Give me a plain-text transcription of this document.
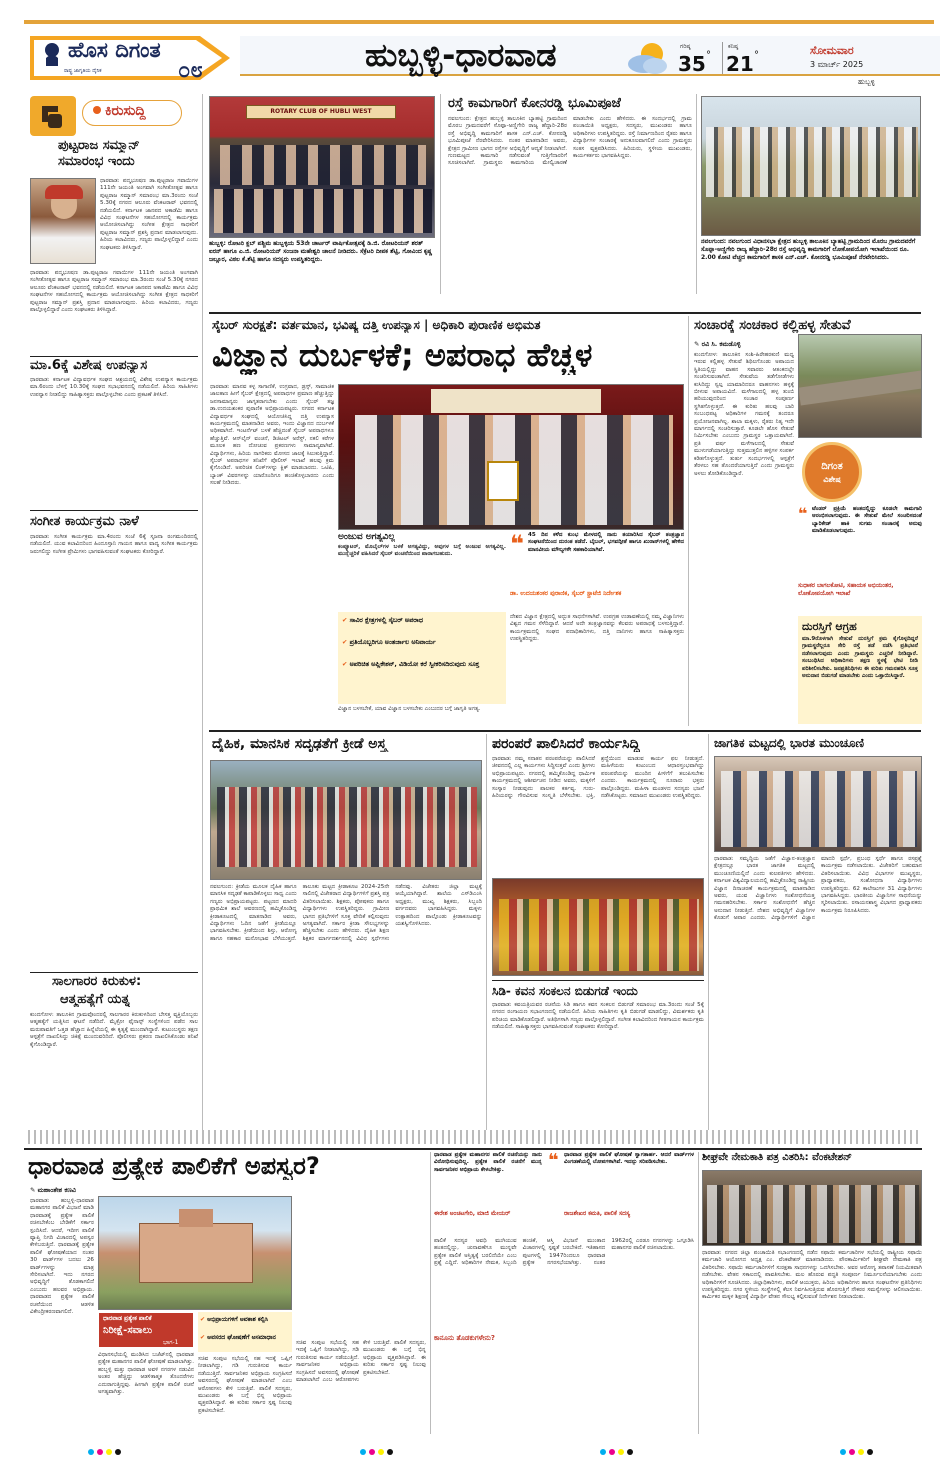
ಹೊಸ ದಿಗಂತ
ರಾಷ್ಟ್ರ ಜಾಗೃತಿಯ ದೈನಿಕ	೦೮	ಹುಬ್ಬಳ್ಳಿ-ಧಾರವಾಡ	ಗರಿಷ್ಠ
35 °
ಕನಿಷ್ಠ
21 °	ಸೋಮವಾರ
3 ಮಾರ್ಚ್ 2025
ಹುಬ್ಬಳ್ಳಿ
ಕಿರುಸುದ್ದಿ
ಪುಟ್ಟರಾಜ ಸಮ್ಮಾನ್
ಸಮಾರಂಭ ಇಂದು
ಧಾರವಾಡ: ಪದ್ಮಭೂಷಣ ಡಾ.ಪುಟ್ಟರಾಜ ಗವಾಯಿಗಳ 111ನೇ ಜಯಂತಿ ಅಂಗವಾಗಿ ಸಂಗೀತೋತ್ಸವ ಹಾಗೂ ಪುಟ್ಟರಾಜ ಸಮ್ಮಾನ್ ಸಮಾರಂಭ ಮಾ.3ರಂದು ಸಂಜೆ 5.30ಕ್ಕೆ ನಗರದ ಆಲೂರು ವೆಂಕಟರಾವ್ ಭವನದಲ್ಲಿ ನಡೆಯಲಿದೆ. ಕರ್ನಾಟಕ ಜಾನಪದ ಅಕಾಡೆಮಿ ಹಾಗೂ ವಿವಿಧ ಸಂಘಟನೆಗಳ ಸಹಯೋಗದಲ್ಲಿ ಕಾರ್ಯಕ್ರಮ ಆಯೋಜಿಸಲಾಗಿದ್ದು ಸಂಗೀತ ಕ್ಷೇತ್ರದ ಸಾಧಕರಿಗೆ ಪುಟ್ಟರಾಜ ಸಮ್ಮಾನ್ ಪ್ರಶಸ್ತಿ ಪ್ರದಾನ ಮಾಡಲಾಗುವುದು. ಹಿರಿಯ ಕಲಾವಿದರು, ಗಣ್ಯರು ಪಾಲ್ಗೊಳ್ಳಲಿದ್ದಾರೆ ಎಂದು ಸಂಘಟಕರು ತಿಳಿಸಿದ್ದಾರೆ.
ಧಾರವಾಡ: ಪದ್ಮಭೂಷಣ ಡಾ.ಪುಟ್ಟರಾಜ ಗವಾಯಿಗಳ 111ನೇ ಜಯಂತಿ ಅಂಗವಾಗಿ ಸಂಗೀತೋತ್ಸವ ಹಾಗೂ ಪುಟ್ಟರಾಜ ಸಮ್ಮಾನ್ ಸಮಾರಂಭ ಮಾ.3ರಂದು ಸಂಜೆ 5.30ಕ್ಕೆ ನಗರದ ಆಲೂರು ವೆಂಕಟರಾವ್ ಭವನದಲ್ಲಿ ನಡೆಯಲಿದೆ. ಕರ್ನಾಟಕ ಜಾನಪದ ಅಕಾಡೆಮಿ ಹಾಗೂ ವಿವಿಧ ಸಂಘಟನೆಗಳ ಸಹಯೋಗದಲ್ಲಿ ಕಾರ್ಯಕ್ರಮ ಆಯೋಜಿಸಲಾಗಿದ್ದು ಸಂಗೀತ ಕ್ಷೇತ್ರದ ಸಾಧಕರಿಗೆ ಪುಟ್ಟರಾಜ ಸಮ್ಮಾನ್ ಪ್ರಶಸ್ತಿ ಪ್ರದಾನ ಮಾಡಲಾಗುವುದು. ಹಿರಿಯ ಕಲಾವಿದರು, ಗಣ್ಯರು ಪಾಲ್ಗೊಳ್ಳಲಿದ್ದಾರೆ ಎಂದು ಸಂಘಟಕರು ತಿಳಿಸಿದ್ದಾರೆ.
ಮಾ.6ಕ್ಕೆ ವಿಶೇಷ ಉಪನ್ಯಾಸ
ಧಾರವಾಡ: ಕರ್ನಾಟಕ ವಿದ್ಯಾವರ್ಧಕ ಸಂಘದ ಆಶ್ರಯದಲ್ಲಿ ವಿಶೇಷ ಉಪನ್ಯಾಸ ಕಾರ್ಯಕ್ರಮ ಮಾ.6ರಂದು ಬೆಳಗ್ಗೆ 10.30ಕ್ಕೆ ಸಂಘದ ಸಭಾಭವನದಲ್ಲಿ ನಡೆಯಲಿದೆ. ಹಿರಿಯ ಸಾಹಿತಿಗಳು ಉಪನ್ಯಾಸ ನೀಡಲಿದ್ದು ಸಾಹಿತ್ಯಾಸಕ್ತರು ಪಾಲ್ಗೊಳ್ಳಬೇಕು ಎಂದು ಪ್ರಕಟಣೆ ತಿಳಿಸಿದೆ.
ಸಂಗೀತ ಕಾರ್ಯಕ್ರಮ ನಾಳೆ
ಧಾರವಾಡ: ಸಂಗೀತ ಕಾರ್ಯಕ್ರಮ ಮಾ.4ರಂದು ಸಂಜೆ 6ಕ್ಕೆ ಸೃಜನಾ ರಂಗಮಂದಿರದಲ್ಲಿ ನಡೆಯಲಿದೆ. ಯುವ ಕಲಾವಿದರಿಂದ ಹಿಂದೂಸ್ತಾನಿ ಗಾಯನ ಹಾಗೂ ವಾದ್ಯ ಸಂಗೀತ ಕಾರ್ಯಕ್ರಮ ಜರುಗಲಿದ್ದು ಸಂಗೀತ ಪ್ರೇಮಿಗಳು ಭಾಗವಹಿಸುವಂತೆ ಸಂಘಟಕರು ಕೋರಿದ್ದಾರೆ.
ಸಾಲಗಾರರ ಕಿರುಕುಳ:
ಆತ್ಮಹತ್ಯೆಗೆ ಯತ್ನ
ಕುಂದಗೋಳ: ತಾಲೂಕಿನ ಗ್ರಾಮವೊಂದರಲ್ಲಿ ಸಾಲಗಾರರ ಕಿರುಕುಳದಿಂದ ಬೇಸತ್ತ ವ್ಯಕ್ತಿಯೊಬ್ಬರು ಆತ್ಮಹತ್ಯೆಗೆ ಯತ್ನಿಸಿದ ಘಟನೆ ನಡೆದಿದೆ. ಮೈಕ್ರೋ ಫೈನಾನ್ಸ್ ಸಂಸ್ಥೆಗಳಿಂದ ಪಡೆದ ಸಾಲ ಮರುಪಾವತಿಗೆ ಒತ್ತಡ ಹೆಚ್ಚಾದ ಹಿನ್ನೆಲೆಯಲ್ಲಿ ಈ ಕೃತ್ಯಕ್ಕೆ ಮುಂದಾಗಿದ್ದಾರೆ. ಕುಟುಂಬಸ್ಥರು ತಕ್ಷಣ ಆಸ್ಪತ್ರೆಗೆ ದಾಖಲಿಸಿದ್ದು ಚಿಕಿತ್ಸೆ ಮುಂದುವರಿದಿದೆ. ಪೊಲೀಸರು ಪ್ರಕರಣ ದಾಖಲಿಸಿಕೊಂಡು ತನಿಖೆ ಕೈಗೊಂಡಿದ್ದಾರೆ.
ROTARY CLUB OF HUBLI WEST
ಹುಬ್ಬಳ್ಳಿ: ರೋಟರಿ ಕ್ಲಬ್ ಪಶ್ಚಿಮ ಹುಬ್ಬಳ್ಳಿಯ 53ನೇ ಚಾರ್ಟರ್ ವಾರ್ಷಿಕೋತ್ಸವಕ್ಕೆ ಡಿ.ಜಿ. ರೋಟರಿಯನ್ ಶರತ್ ಐರನ್ ಹಾಗೂ ಎ.ಜಿ. ರೋಟರಿಯನ್ ಸಂಜನಾ ಮಹೇಶ್ವರಿ ಚಾಲನೆ ನೀಡಿದರು. ಸೆಕ್ರೆಟರಿ ದೀಪಕ ಶೆಟ್ಟಿ, ಗೋವಿಂದ ಕೃಷ್ಣ ಜಲ್ಲೂರ, ವಿಠಲ ಕೆ.ಶೆಟ್ಟಿ ಹಾಗೂ ಸದಸ್ಯರು ಉಪಸ್ಥಿತರಿದ್ದರು.
ರಸ್ತೆ ಕಾಮಗಾರಿಗೆ ಕೋನರಡ್ಡಿ ಭೂಮಿಪೂಜೆ
ನವಲಗುಂದ: ಕ್ಷೇತ್ರದ ಹುಬ್ಬಳ್ಳಿ ತಾಲೂಕಿನ ಬ್ಯಾಹಟ್ಟಿ ಗ್ರಾಮದಿಂದ ಮೊರಬ ಗ್ರಾಮದವರೆಗೆ ಸೊಪ್ಪಾ-ಅಣ್ಣಿಗೇರಿ ರಾಜ್ಯ ಹೆದ್ದಾರಿ-28ರ ರಸ್ತೆ ಅಭಿವೃದ್ಧಿ ಕಾಮಗಾರಿಗೆ ಶಾಸಕ ಎನ್.ಎಚ್. ಕೋನರಡ್ಡಿ ಭೂಮಿಪೂಜೆ ನೆರವೇರಿಸಿದರು. ನಂತರ ಮಾತನಾಡಿದ ಅವರು, ಕ್ಷೇತ್ರದ ಗ್ರಾಮೀಣ ಭಾಗದ ರಸ್ತೆಗಳ ಅಭಿವೃದ್ಧಿಗೆ ಆದ್ಯತೆ ನೀಡಲಾಗಿದೆ. ಗುಣಮಟ್ಟದ ಕಾಮಗಾರಿ ನಡೆಸುವಂತೆ ಗುತ್ತಿಗೆದಾರರಿಗೆ ಸೂಚಿಸಲಾಗಿದೆ. ಗ್ರಾಮಸ್ಥರು ಕಾಮಗಾರಿಯ ಮೇಲ್ವಿಚಾರಣೆ ಮಾಡಬೇಕು ಎಂದು ಹೇಳಿದರು. ಈ ಸಂದರ್ಭದಲ್ಲಿ ಗ್ರಾಮ ಪಂಚಾಯಿತಿ ಅಧ್ಯಕ್ಷರು, ಸದಸ್ಯರು, ಮುಖಂಡರು ಹಾಗೂ ಅಧಿಕಾರಿಗಳು ಉಪಸ್ಥಿತರಿದ್ದರು. ರಸ್ತೆ ನಿರ್ಮಾಣದಿಂದ ರೈತರು ಹಾಗೂ ವಿದ್ಯಾರ್ಥಿಗಳ ಸಂಚಾರಕ್ಕೆ ಅನುಕೂಲವಾಗಲಿದೆ ಎಂದು ಗ್ರಾಮಸ್ಥರು ಸಂತಸ ವ್ಯಕ್ತಪಡಿಸಿದರು. ಹಿರಿಯರು, ಸ್ಥಳೀಯ ಮುಖಂಡರು, ಕಾರ್ಯಕರ್ತರು ಭಾಗವಹಿಸಿದ್ದರು.
ನವಲಗುಂದ: ನವಲಗುಂದ ವಿಧಾನಸಭಾ ಕ್ಷೇತ್ರದ ಹುಬ್ಬಳ್ಳಿ ತಾಲೂಕಿನ ಬ್ಯಾಹಟ್ಟಿ ಗ್ರಾಮದಿಂದ ಮೊರಬ ಗ್ರಾಮದವರೆಗೆ ಸೊಪ್ಪಾ-ಅಣ್ಣಿಗೇರಿ ರಾಜ್ಯ ಹೆದ್ದಾರಿ-28ರ ರಸ್ತೆ ಅಭಿವೃದ್ಧಿ ಕಾಮಗಾರಿಗೆ ಲೋಕೋಪಯೋಗಿ ಇಲಾಖೆಯಿಂದ ರೂ. 2.00 ಕೋಟಿ ವೆಚ್ಚದ ಕಾಮಗಾರಿಗೆ ಶಾಸಕ ಎನ್.ಎಚ್. ಕೋನರಡ್ಡಿ ಭೂಮಿಪೂಜೆ ನೆರವೇರಿಸಿದರು.
ಸೈಬರ್ ಸುರಕ್ಷತೆ: ವರ್ತಮಾನ, ಭವಿಷ್ಯ ದತ್ತಿ ಉಪನ್ಯಾಸ | ಅಧಿಕಾರಿ ಪುರಾಣಿಕ ಅಭಿಮತ
ವಿಜ್ಞಾನ ದುರ್ಬಳಕೆ; ಅಪರಾಧ ಹೆಚ್ಚಳ
ಧಾರವಾಡ: ಮಾನವ ಕಳ್ಳ ಸಾಗಾಣಿಕೆ, ಉಗ್ರವಾದ, ಡ್ರಗ್ಸ್, ಸಾಮಾಜಿಕ ಜಾಲತಾಣ ಹೀಗೆ ಸೈಬರ್ ಕ್ಷೇತ್ರದಲ್ಲಿ ಅಪರಾಧಗಳ ಪ್ರಮಾಣ ಹೆಚ್ಚುತ್ತಿದ್ದು ಜನಸಾಮಾನ್ಯರು ಜಾಗೃತರಾಗಬೇಕು ಎಂದು ಸೈಬರ್ ತಜ್ಞ ಡಾ.ಉದಯಶಂಕರ ಪುರಾಣಿಕ ಅಭಿಪ್ರಾಯಪಟ್ಟರು. ನಗರದ ಕರ್ನಾಟಕ ವಿದ್ಯಾವರ್ಧಕ ಸಂಘದಲ್ಲಿ ಆಯೋಜಿಸಿದ್ದ ದತ್ತಿ ಉಪನ್ಯಾಸ ಕಾರ್ಯಕ್ರಮದಲ್ಲಿ ಮಾತನಾಡಿದ ಅವರು, ಇಂದು ವಿಜ್ಞಾನದ ದುರ್ಬಳಕೆ ಅಧಿಕವಾಗಿದೆ. ಇಂಟರ್ನೆಟ್ ಬಳಕೆ ಹೆಚ್ಚಿದಂತೆ ಸೈಬರ್ ಅಪರಾಧಗಳೂ ಹೆಚ್ಚುತ್ತಿವೆ. ಆನ್‌ಲೈನ್ ವಂಚನೆ, ಡಿಜಿಟಲ್ ಅರೆಸ್ಟ್, ನಕಲಿ ಕರೆಗಳ ಮೂಲಕ ಹಣ ದೋಚುವ ಪ್ರಕರಣಗಳು ಸಾಮಾನ್ಯವಾಗಿವೆ. ವಿದ್ಯಾರ್ಥಿಗಳು, ಹಿರಿಯ ನಾಗರಿಕರು ಮೋಸದ ಜಾಲಕ್ಕೆ ಸಿಲುಕುತ್ತಿದ್ದಾರೆ. ಸೈಬರ್ ಅಪರಾಧಗಳ ತನಿಖೆಗೆ ಪೊಲೀಸ್ ಇಲಾಖೆ ಹಲವು ಕ್ರಮ ಕೈಗೊಂಡಿದೆ. ಅಪರಿಚಿತ ಲಿಂಕ್‌ಗಳನ್ನು ಕ್ಲಿಕ್ ಮಾಡಬಾರದು. ಒಟಿಪಿ, ಬ್ಯಾಂಕ್ ವಿವರಗಳನ್ನು ಯಾರೊಂದಿಗೂ ಹಂಚಿಕೊಳ್ಳಬಾರದು ಎಂದು ಸಲಹೆ ನೀಡಿದರು.
ಅಂಜುವ ಅಗತ್ಯವಿಲ್ಲ
ಕಂಪ್ಯೂಟರ್, ಮೊಬೈಲ್‌ಗಳ ಬಳಕೆ ಅಗತ್ಯವಿದ್ದು, ಅವುಗಳ ಬಗ್ಗೆ ಅಂಜುವ ಅಗತ್ಯವಿಲ್ಲ. ಮುನ್ನೆಚ್ಚರಿಕೆ ವಹಿಸಿದರೆ ಸೈಬರ್ ವಂಚನೆಯಿಂದ ಪಾರಾಗಬಹುದು.	❝ 45 ದಿನ ಕಳೆದ ಕುಂಭ ಮೇಳದಲ್ಲಿ ನಾನು ತಯಾರಿಸಿದ ಸೈಬರ್ ತಂತ್ರಜ್ಞಾನ ಸಂಘಟನೆಯಿಂದ ದುರಂತ ತಡೆದೆ. ಬೈಬಲ್, ಭಗವದ್ಗೀತೆ ಹಾಗೂ ಖುರಾನ್‌ಗಳಲ್ಲಿ ಹೇಳಿದ ಮಾನವೀಯ ಮೌಲ್ಯಗಳೇ ಸಹಕಾರಿಯಾಗಿವೆ.
ಡಾ. ಉದಯಶಂಕರ ಪುರಾಣಿಕ, ಸೈಬರ್ ಸ್ಟ್ರಾಟೆಜಿ ನಿರ್ದೇಶಕ
✔ ಸಾವಿರ ಕ್ಷೇತ್ರಗಳಲ್ಲಿ ಸೈಬರ್ ಅಪರಾಧ
✔ ಪ್ರತಿಯೊಬ್ಬರಿಗೂ ಅಂತರ್ಜಾಲ ಅನಿವಾರ್ಯ
✔ ಅಪರಿಚಿತ ಅಪ್ಲಿಕೇಶನ್, ವಿಡಿಯೋ ಕರೆ ಸ್ವೀಕರಿಸದಿರುವುದು ಸೂಕ್ತ
ದೇಶದ ವಿಜ್ಞಾನ ಕ್ಷೇತ್ರದಲ್ಲಿ ಅದ್ಭುತ ಸಾಧನೆಗಳಾಗಿವೆ. ಉಪಗ್ರಹ ಉಡಾವಣೆಯಲ್ಲಿ ನಮ್ಮ ವಿಜ್ಞಾನಿಗಳು ವಿಶ್ವದ ಗಮನ ಸೆಳೆದಿದ್ದಾರೆ. ಆದರೆ ಅದೇ ತಂತ್ರಜ್ಞಾನವನ್ನು ಕೆಲವರು ಅಪರಾಧಕ್ಕೆ ಬಳಸುತ್ತಿದ್ದಾರೆ. ಕಾರ್ಯಕ್ರಮದಲ್ಲಿ ಸಂಘದ ಪದಾಧಿಕಾರಿಗಳು, ದತ್ತಿ ದಾನಿಗಳು ಹಾಗೂ ಸಾಹಿತ್ಯಾಸಕ್ತರು ಉಪಸ್ಥಿತರಿದ್ದರು.
ವಿಜ್ಞಾನ ಬಳಸಬೇಕೆ, ಯಾವ ವಿಜ್ಞಾನ ಬಳಸಬೇಕು ಎಂಬುದರ ಬಗ್ಗೆ ಜಾಗೃತಿ ಅಗತ್ಯ.
ಸಂಚಾರಕ್ಕೆ ಸಂಚಕಾರ ಕಲ್ಲಿಹಳ್ಳ ಸೇತುವೆ
✎ ರವಿ ಸಿ. ಕಮಡೊಳ್ಳಿ
ಕುಂದಗೋಳ: ತಾಲೂಕಿನ ಸಂಶಿ-ಹಿರೇಹರಕುಣಿ ಮಧ್ಯ ಇರುವ ಕಲ್ಲಿಹಳ್ಳ ಸೇತುವೆ ಶಿಥಿಲಗೊಂಡು ಅಪಾಯದ ಸ್ಥಿತಿಯಲ್ಲಿದ್ದು ವಾಹನ ಸವಾರರು ಆತಂಕದಲ್ಲೇ ಸಂಚರಿಸುವಂತಾಗಿದೆ. ಸೇತುವೆಯ ತಡೆಗೋಡೆಗಳು ಕುಸಿದಿದ್ದು ಸ್ವಲ್ಪ ಯಾಮಾರಿದರೂ ವಾಹನಗಳು ಹಳ್ಳಕ್ಕೆ ಬೀಳುವ ಅಪಾಯವಿದೆ. ಮಳೆಗಾಲದಲ್ಲಿ ಹಳ್ಳ ತುಂಬಿ ಹರಿಯುವುದರಿಂದ ಸಂಚಾರ ಸಂಪೂರ್ಣ ಸ್ಥಗಿತಗೊಳ್ಳುತ್ತದೆ. ಈ ಕುರಿತು ಹಲವು ಬಾರಿ ಸಂಬಂಧಪಟ್ಟ ಅಧಿಕಾರಿಗಳ ಗಮನಕ್ಕೆ ತಂದರೂ ಪ್ರಯೋಜನವಾಗಿಲ್ಲ. ಶಾಲಾ ಮಕ್ಕಳು, ರೈತರು ನಿತ್ಯ ಇದೇ ಮಾರ್ಗದಲ್ಲಿ ಸಂಚರಿಸುತ್ತಾರೆ. ಕೂಡಲೇ ಹೊಸ ಸೇತುವೆ ನಿರ್ಮಿಸಬೇಕು ಎಂಬುದು ಗ್ರಾಮಸ್ಥರ ಒತ್ತಾಯವಾಗಿದೆ. ಪ್ರತಿ ವರ್ಷ ಮಳೆಗಾಲದಲ್ಲಿ ಸೇತುವೆ ಮುಳುಗಡೆಯಾಗುತ್ತಿದ್ದು ಸುತ್ತಮುತ್ತಲಿನ ಹಳ್ಳಿಗಳ ಸಂಪರ್ಕ ಕಡಿತಗೊಳ್ಳುತ್ತದೆ. ತುರ್ತು ಸಂದರ್ಭಗಳಲ್ಲಿ ಆಸ್ಪತ್ರೆಗೆ ತೆರಳಲು ಸಹ ತೊಂದರೆಯಾಗುತ್ತಿದೆ ಎಂದು ಗ್ರಾಮಸ್ಥರು ಅಳಲು ತೋಡಿಕೊಂಡಿದ್ದಾರೆ.
ದಿಗಂತ
ವಿಶೇಷ
❝ ಟೆಂಡರ್ ಪ್ರಕ್ರಿಯೆ ಹಂತದಲ್ಲಿದ್ದು ಕೂಡಲೇ ಕಾಮಗಾರಿ ಆರಂಭಿಸಲಾಗುವುದು. ಈ ಸೇತುವೆ ಮೇಲೆ ಸಂಚರಿಸದಂತೆ ಬ್ಯಾರಿಕೇಡ್ ಹಾಕಿ ಸುಗಮ ಸಂಚಾರಕ್ಕೆ ಅನುವು ಮಾಡಿಕೊಡಲಾಗುವುದು.
ಸುಧಾಕರ ಬಾಗಲಕೋಟಿ, ಸಹಾಯಕ ಅಭಿಯಂತರ, ಲೋಕೋಪಯೋಗಿ ಇಲಾಖೆ
ದುರಸ್ತಿಗೆ ಆಗ್ರಹ
ಮಾ.9ರೊಳಗಾಗಿ ಸೇತುವೆ ದುರಸ್ತಿಗೆ ಕ್ರಮ ಕೈಗೊಳ್ಳದಿದ್ದರೆ ಗ್ರಾಮಸ್ಥರೆಲ್ಲರೂ ಸೇರಿ ರಸ್ತೆ ತಡೆ ನಡೆಸಿ ಪ್ರತಿಭಟನೆ ನಡೆಸಲಾಗುವುದು ಎಂದು ಗ್ರಾಮಸ್ಥರು ಎಚ್ಚರಿಕೆ ನೀಡಿದ್ದಾರೆ. ಸಂಬಂಧಿಸಿದ ಅಧಿಕಾರಿಗಳು ತಕ್ಷಣ ಸ್ಥಳಕ್ಕೆ ಭೇಟಿ ನೀಡಿ ಪರಿಶೀಲಿಸಬೇಕು. ಜನಪ್ರತಿನಿಧಿಗಳು ಈ ಕುರಿತು ಗಮನಹರಿಸಿ ಸೂಕ್ತ ಅನುದಾನ ಬಿಡುಗಡೆ ಮಾಡಬೇಕು ಎಂದು ಒತ್ತಾಯಿಸಿದ್ದಾರೆ.
ದೈಹಿಕ, ಮಾನಸಿಕ ಸದೃಢತೆಗೆ ಕ್ರೀಡೆ ಅಸ್ತ್ರ
ನವಲಗುಂದ: ಕ್ರೀಡೆಯ ಮೂಲಕ ದೈಹಿಕ ಹಾಗೂ ಮಾನಸಿಕ ಸದೃಢತೆ ಕಾಪಾಡಿಕೊಳ್ಳಲು ಸಾಧ್ಯ ಎಂದು ಗಣ್ಯರು ಅಭಿಪ್ರಾಯಪಟ್ಟರು. ಪಟ್ಟಣದ ಮಾದರಿ ಪ್ರಾಥಮಿಕ ಶಾಲೆ ಆವರಣದಲ್ಲಿ ಹಮ್ಮಿಕೊಂಡಿದ್ದ ಕ್ರೀಡಾಕೂಟದಲ್ಲಿ ಮಾತನಾಡಿದ ಅವರು, ವಿದ್ಯಾರ್ಥಿಗಳು ಓದಿನ ಜತೆಗೆ ಕ್ರೀಡೆಯಲ್ಲೂ ಭಾಗವಹಿಸಬೇಕು. ಕ್ರೀಡೆಯಿಂದ ಶಿಸ್ತು, ಆರೋಗ್ಯ ಹಾಗೂ ಸಹಕಾರ ಮನೋಭಾವ ಬೆಳೆಯುತ್ತದೆ. ತಾಲೂಕು ಮಟ್ಟದ ಕ್ರೀಡಾಕೂಟ 2024-25ನೇ ಸಾಲಿನಲ್ಲಿ ವಿಜೇತರಾದ ವಿದ್ಯಾರ್ಥಿಗಳಿಗೆ ಪ್ರಶಸ್ತಿ ಪತ್ರ ವಿತರಿಸಲಾಯಿತು. ಶಿಕ್ಷಕರು, ಪೋಷಕರು ಹಾಗೂ ವಿದ್ಯಾರ್ಥಿಗಳು ಉಪಸ್ಥಿತರಿದ್ದರು. ಗ್ರಾಮೀಣ ಭಾಗದ ಪ್ರತಿಭೆಗಳಿಗೆ ಸೂಕ್ತ ವೇದಿಕೆ ಕಲ್ಪಿಸುವುದು ಅಗತ್ಯವಾಗಿದೆ. ಸರ್ಕಾರ ಕ್ರೀಡಾ ಸೌಲಭ್ಯಗಳನ್ನು ಹೆಚ್ಚಿಸಬೇಕು ಎಂದು ಹೇಳಿದರು. ದೈಹಿಕ ಶಿಕ್ಷಣ ಶಿಕ್ಷಕರ ಮಾರ್ಗದರ್ಶನದಲ್ಲಿ ವಿವಿಧ ಸ್ಪರ್ಧೆಗಳು ನಡೆದವು. ವಿಜೇತರು ಜಿಲ್ಲಾ ಮಟ್ಟಕ್ಕೆ ಆಯ್ಕೆಯಾಗಿದ್ದಾರೆ. ಶಾಲೆಯ ಎಸ್‌ಡಿಎಂಸಿ ಅಧ್ಯಕ್ಷರು, ಮುಖ್ಯ ಶಿಕ್ಷಕರು, ಸಿಬ್ಬಂದಿ ವರ್ಗದವರು ಭಾಗವಹಿಸಿದ್ದರು. ಮಕ್ಕಳು ಉತ್ಸಾಹದಿಂದ ಪಾಲ್ಗೊಂಡು ಕ್ರೀಡಾಕೂಟವನ್ನು ಯಶಸ್ವಿಗೊಳಿಸಿದರು.
ಪರಂಪರೆ ಪಾಲಿಸಿದರೆ ಕಾರ್ಯಸಿದ್ಧಿ
ಧಾರವಾಡ: ನಮ್ಮ ಸನಾತನ ಪರಂಪರೆಯನ್ನು ಪಾಲಿಸಿದರೆ ಜೀವನದಲ್ಲಿ ಎಲ್ಲ ಕಾರ್ಯಗಳು ಸಿದ್ಧಿಸುತ್ತವೆ ಎಂದು ಶ್ರೀಗಳು ಅಭಿಪ್ರಾಯಪಟ್ಟರು. ನಗರದಲ್ಲಿ ಹಮ್ಮಿಕೊಂಡಿದ್ದ ಧಾರ್ಮಿಕ ಕಾರ್ಯಕ್ರಮದಲ್ಲಿ ಆಶೀರ್ವಚನ ನೀಡಿದ ಅವರು, ಮಕ್ಕಳಿಗೆ ಸಂಸ್ಕಾರ ನೀಡುವುದು ಪಾಲಕರ ಕರ್ತವ್ಯ. ಗುರು-ಹಿರಿಯರನ್ನು ಗೌರವಿಸುವ ಸಂಸ್ಕೃತಿ ಬೆಳೆಸಬೇಕು. ಭಕ್ತಿ, ಶ್ರದ್ಧೆಯಿಂದ ಮಾಡುವ ಕಾರ್ಯ ಫಲ ನೀಡುತ್ತದೆ. ಮಹಿಳೆಯರು ಕುಟುಂಬದ ಆಧಾರಸ್ತಂಭವಾಗಿದ್ದು ಪರಂಪರೆಯನ್ನು ಮುಂದಿನ ಪೀಳಿಗೆಗೆ ತಲುಪಿಸಬೇಕು ಎಂದರು. ಕಾರ್ಯಕ್ರಮದಲ್ಲಿ ನೂರಾರು ಭಕ್ತರು ಪಾಲ್ಗೊಂಡಿದ್ದರು. ಮಹಿಳಾ ಮಂಡಳದ ಸದಸ್ಯರು ಭಜನೆ ನಡೆಸಿಕೊಟ್ಟರು. ಸಮಾಜದ ಮುಖಂಡರು ಉಪಸ್ಥಿತರಿದ್ದರು.
ಸಿಡಿ- ಕವನ ಸಂಕಲನ ಬಿಡುಗಡೆ ಇಂದು
ಧಾರವಾಡ: ಕವಯತ್ರಿಯವರ ರಚನೆಯ ಸಿಡಿ ಹಾಗೂ ಕವನ ಸಂಕಲನ ಬಿಡುಗಡೆ ಸಮಾರಂಭ ಮಾ.3ರಂದು ಸಂಜೆ 5ಕ್ಕೆ ನಗರದ ರಂಗಾಯಣ ಸಭಾಂಗಣದಲ್ಲಿ ನಡೆಯಲಿದೆ. ಹಿರಿಯ ಸಾಹಿತಿಗಳು ಕೃತಿ ಬಿಡುಗಡೆ ಮಾಡಲಿದ್ದು, ವಿಮರ್ಶಕರು ಕೃತಿ ಪರಿಚಯ ಮಾಡಿಕೊಡಲಿದ್ದಾರೆ. ಅತಿಥಿಗಳಾಗಿ ಗಣ್ಯರು ಪಾಲ್ಗೊಳ್ಳಲಿದ್ದಾರೆ. ಸಂಗೀತ ಕಲಾವಿದರಿಂದ ಗೀತಗಾಯನ ಕಾರ್ಯಕ್ರಮ ನಡೆಯಲಿದೆ. ಸಾಹಿತ್ಯಾಸಕ್ತರು ಭಾಗವಹಿಸುವಂತೆ ಸಂಘಟಕರು ಕೋರಿದ್ದಾರೆ.
ಜಾಗತಿಕ ಮಟ್ಟದಲ್ಲಿ ಭಾರತ ಮುಂಚೂಣಿ
ಧಾರವಾಡ: ಸಮೃದ್ಧಿಯ ಜತೆಗೆ ವಿಜ್ಞಾನ-ತಂತ್ರಜ್ಞಾನ ಕ್ಷೇತ್ರದಲ್ಲೂ ಭಾರತ ಜಾಗತಿಕ ಮಟ್ಟದಲ್ಲಿ ಮುಂಚೂಣಿಯಲ್ಲಿದೆ ಎಂದು ಕುಲಪತಿಗಳು ಹೇಳಿದರು. ಕರ್ನಾಟಕ ವಿಶ್ವವಿದ್ಯಾಲಯದಲ್ಲಿ ಹಮ್ಮಿಕೊಂಡಿದ್ದ ರಾಷ್ಟ್ರೀಯ ವಿಜ್ಞಾನ ದಿನಾಚರಣೆ ಕಾರ್ಯಕ್ರಮದಲ್ಲಿ ಮಾತನಾಡಿದ ಅವರು, ಯುವ ವಿಜ್ಞಾನಿಗಳು ಸಂಶೋಧನೆಯತ್ತ ಗಮನಹರಿಸಬೇಕು. ಸರ್ಕಾರ ಸಂಶೋಧನೆಗೆ ಹೆಚ್ಚಿನ ಅನುದಾನ ನೀಡುತ್ತಿದೆ. ದೇಶದ ಅಭಿವೃದ್ಧಿಗೆ ವಿಜ್ಞಾನಿಗಳ ಕೊಡುಗೆ ಅಪಾರ ಎಂದರು. ವಿದ್ಯಾರ್ಥಿಗಳಿಗೆ ವಿಜ್ಞಾನ ಮಾದರಿ ಸ್ಪರ್ಧೆ, ಪ್ರಬಂಧ ಸ್ಪರ್ಧೆ ಹಾಗೂ ರಸಪ್ರಶ್ನೆ ಕಾರ್ಯಕ್ರಮ ನಡೆಸಲಾಯಿತು. ವಿಜೇತರಿಗೆ ಬಹುಮಾನ ವಿತರಿಸಲಾಯಿತು. ವಿವಿಧ ವಿಭಾಗಗಳ ಮುಖ್ಯಸ್ಥರು, ಪ್ರಾಧ್ಯಾಪಕರು, ಸಂಶೋಧನಾ ವಿದ್ಯಾರ್ಥಿಗಳು ಉಪಸ್ಥಿತರಿದ್ದರು. 62 ಕಾಲೇಜುಗಳ 31 ವಿದ್ಯಾರ್ಥಿಗಳು ಭಾಗವಹಿಸಿದ್ದರು. ಭಾರತೀಯ ವಿಜ್ಞಾನಿಗಳ ಸಾಧನೆಯನ್ನು ಸ್ಮರಿಸಲಾಯಿತು. ರಸಾಯನಶಾಸ್ತ್ರ ವಿಭಾಗದ ಪ್ರಾಧ್ಯಾಪಕರು ಕಾರ್ಯಕ್ರಮ ನಿರೂಪಿಸಿದರು.
ಧಾರವಾಡ ಪ್ರತ್ಯೇಕ ಪಾಲಿಕೆಗೆ ಅಪಸ್ವರ?
✎ ಮಹಾಂತೇಶ ಕಣವಿ
ಧಾರವಾಡ: ಹುಬ್ಬಳ್ಳಿ-ಧಾರವಾಡ ಮಹಾನಗರ ಪಾಲಿಕೆ ವಿಭಜನೆ ಮಾಡಿ ಧಾರವಾಡಕ್ಕೆ ಪ್ರತ್ಯೇಕ ಪಾಲಿಕೆ ರಚಿಸಬೇಕೆಂಬ ಬೇಡಿಕೆಗೆ ಸರ್ಕಾರ ಸ್ಪಂದಿಸಿದೆ. ಆದರೆ, ಇದೀಗ ಪಾಲಿಕೆ ವ್ಯಾಪ್ತಿ ನಿಗದಿ ವಿಚಾರದಲ್ಲಿ ಅಪಸ್ವರ ಕೇಳಿಬರುತ್ತಿದೆ. ಧಾರವಾಡಕ್ಕೆ ಪ್ರತ್ಯೇಕ ಪಾಲಿಕೆ ಘೋಷಣೆಯಾದ ನಂತರ 30 ವಾರ್ಡ್‌ಗಳ ಬದಲು 26 ವಾರ್ಡ್‌ಗಳನ್ನು ಮಾತ್ರ ಸೇರಿಸಲಾಗಿದೆ. ಇದು ನಗರದ ಅಭಿವೃದ್ಧಿಗೆ ತೊಡಕಾಗಲಿದೆ ಎಂಬುದು ಹಲವರ ಅಭಿಪ್ರಾಯ. ಧಾರವಾಡದ ಪ್ರತ್ಯೇಕ ಪಾಲಿಕೆ ರಚನೆಯಿಂದ ಆಡಳಿತ ವಿಕೇಂದ್ರೀಕರಣವಾಗಲಿದೆ.
ಧಾರವಾಡ ಪ್ರತ್ಯೇಕ ಪಾಲಿಕೆ
ನಿರೀಕ್ಷೆ-ಸವಾಲು
ಭಾಗ-1
ವಿಧಾನಸಭೆಯಲ್ಲಿ ಮಂಡಿಸಿದ ಬಜೆಟ್‌ನಲ್ಲಿ ಧಾರವಾಡ ಪ್ರತ್ಯೇಕ ಮಹಾನಗರ ಪಾಲಿಕೆ ಘೋಷಣೆ ಮಾಡಲಾಗಿತ್ತು. ಹುಬ್ಬಳ್ಳಿ ಮತ್ತು ಧಾರವಾಡ ಅವಳಿ ನಗರಗಳ ನಡುವಿನ ಅಂತರ ಹೆಚ್ಚಿದ್ದು ಆಡಳಿತಾತ್ಮಕ ತೊಂದರೆಗಳು ಎದುರಾಗುತ್ತಿದ್ದವು. ಹೀಗಾಗಿ ಪ್ರತ್ಯೇಕ ಪಾಲಿಕೆ ರಚನೆ ಅಗತ್ಯವಾಗಿತ್ತು.
✔ ಅಭಿಪ್ರಾಯಗಳಿಗೆ ಅವಕಾಶ ಕಲ್ಪಿಸಿ
✔ ಅವಸರದ ಘೋಷಣೆಗೆ ಅಸಮಾಧಾನ
ಸಚಿವ ಸಂಪುಟ ಸಭೆಯಲ್ಲಿ ಸಹ ಇದಕ್ಕೆ ಒಪ್ಪಿಗೆ ನೀಡಲಾಗಿದ್ದು, ಗಡಿ ಗುರುತಿಸುವ ಕಾರ್ಯ ನಡೆಯುತ್ತಿದೆ. ಸಾರ್ವಜನಿಕರ ಅಭಿಪ್ರಾಯ ಸಂಗ್ರಹಿಸದೆ ಅವಸರದಲ್ಲಿ ಘೋಷಣೆ ಮಾಡಲಾಗಿದೆ ಎಂಬ ಆರೋಪಗಳು ಕೇಳಿ ಬರುತ್ತಿವೆ. ಪಾಲಿಕೆ ಸದಸ್ಯರು, ಮುಖಂಡರು ಈ ಬಗ್ಗೆ ಭಿನ್ನ ಅಭಿಪ್ರಾಯ ವ್ಯಕ್ತಪಡಿಸಿದ್ದಾರೆ. ಈ ಕುರಿತು ಸರ್ಕಾರ ಸ್ಪಷ್ಟ ನಿಲುವು ಪ್ರಕಟಿಸಬೇಕಿದೆ.
ಸಚಿವ ಸಂಪುಟ ಸಭೆಯಲ್ಲಿ ಸಹ ಇದಕ್ಕೆ ಒಪ್ಪಿಗೆ ನೀಡಲಾಗಿದ್ದು, ಗಡಿ ಗುರುತಿಸುವ ಕಾರ್ಯ ನಡೆಯುತ್ತಿದೆ. ಸಾರ್ವಜನಿಕರ ಅಭಿಪ್ರಾಯ ಸಂಗ್ರಹಿಸದೆ ಅವಸರದಲ್ಲಿ ಘೋಷಣೆ ಮಾಡಲಾಗಿದೆ ಎಂಬ ಆರೋಪಗಳು ಕೇಳಿ ಬರುತ್ತಿವೆ. ಪಾಲಿಕೆ ಸದಸ್ಯರು, ಮುಖಂಡರು ಈ ಬಗ್ಗೆ ಭಿನ್ನ ಅಭಿಪ್ರಾಯ ವ್ಯಕ್ತಪಡಿಸಿದ್ದಾರೆ. ಈ ಕುರಿತು ಸರ್ಕಾರ ಸ್ಪಷ್ಟ ನಿಲುವು ಪ್ರಕಟಿಸಬೇಕಿದೆ.
ಧಾರವಾಡ ಪ್ರತ್ಯೇಕ ಮಹಾನಗರ ಪಾಲಿಕೆ ರಚನೆಯನ್ನು ನಾನು ವಿರೋಧಿಸುವುದಿಲ್ಲ. ಪ್ರತ್ಯೇಕ ಪಾಲಿಕೆ ರಚನೆಗೆ ಮುನ್ನ ಸಾರ್ವಜನಿಕರ ಅಭಿಪ್ರಾಯ ಕೇಳಬೇಕಿತ್ತು.
ಈರೇಶ ಅಂಚಟಗೇರಿ, ಮಾಜಿ ಮೇಯರ್
❝ ಧಾರವಾಡ ಪ್ರತ್ಯೇಕ ಪಾಲಿಕೆ ಘೋಷಣೆ ಸ್ವಾಗತಾರ್ಹ. ಆದರೆ ವಾರ್ಡ್‌ಗಳ ವಿಂಗಡಣೆಯಲ್ಲಿ ಲೋಪಗಳಾಗಿವೆ. ಇದನ್ನು ಸರಿಪಡಿಸಬೇಕು.
ರಾಜಶೇಖರ ಕಮತಿ, ಪಾಲಿಕೆ ಸದಸ್ಯ
ಪಾಲಿಕೆ ಸದಸ್ಯರ ಅವಧಿ ಮುಗಿಯುವ ಹಂತದಲ್ಲಿದ್ದು, ಚುನಾವಣೆಗೂ ಮುನ್ನವೇ ಪ್ರತ್ಯೇಕ ಪಾಲಿಕೆ ಅಸ್ತಿತ್ವಕ್ಕೆ ಬರಲಿದೆಯೇ ಎಂಬ ಪ್ರಶ್ನೆ ಎದ್ದಿದೆ. ಅಧಿಕಾರಿಗಳ ನೇಮಕ, ಸಿಬ್ಬಂದಿ ಹಂಚಿಕೆ, ಆಸ್ತಿ ವಿಭಜನೆ ಮುಂತಾದ ವಿಚಾರಗಳಲ್ಲಿ ಸ್ಪಷ್ಟತೆ ಬರಬೇಕಿದೆ. ಇತಿಹಾಸದ ಪುಟಗಳಲ್ಲಿ 1947ರಿಂದಲೂ ಧಾರವಾಡ ಪ್ರತ್ಯೇಕ ನಗರಸಭೆಯಾಗಿತ್ತು. ನಂತರ 1962ರಲ್ಲಿ ಎರಡೂ ನಗರಗಳನ್ನು ಒಗ್ಗೂಡಿಸಿ ಮಹಾನಗರ ಪಾಲಿಕೆ ರಚಿಸಲಾಯಿತು.
ಕಾನೂನು ತೊಡಕುಗಳೇನು?
ಶೀಘ್ರವೇ ನೇಮಕಾತಿ ಪತ್ರ ವಿತರಿಸಿ: ವೆಂಕಟೇಶನ್
ಧಾರವಾಡ: ನಗರದ ಜಿಲ್ಲಾ ಪಂಚಾಯಿತಿ ಸಭಾಂಗಣದಲ್ಲಿ ನಡೆದ ಸಫಾಯಿ ಕರ್ಮಚಾರಿಗಳ ಸಭೆಯಲ್ಲಿ ರಾಷ್ಟ್ರೀಯ ಸಫಾಯಿ ಕರ್ಮಚಾರಿ ಆಯೋಗದ ಅಧ್ಯಕ್ಷ ಎಂ. ವೆಂಕಟೇಶನ್ ಮಾತನಾಡಿದರು. ಪೌರಕಾರ್ಮಿಕರಿಗೆ ಶೀಘ್ರವೇ ನೇಮಕಾತಿ ಪತ್ರ ವಿತರಿಸಬೇಕು. ಸಫಾಯಿ ಕರ್ಮಚಾರಿಗಳಿಗೆ ಸುರಕ್ಷತಾ ಸಾಧನಗಳನ್ನು ಒದಗಿಸಬೇಕು. ಅವರ ಆರೋಗ್ಯ ತಪಾಸಣೆ ನಿಯಮಿತವಾಗಿ ನಡೆಸಬೇಕು. ವೇತನ ಸಕಾಲದಲ್ಲಿ ಪಾವತಿಸಬೇಕು. ಮಲ ಹೊರುವ ಪದ್ಧತಿ ಸಂಪೂರ್ಣ ನಿರ್ಮೂಲನೆಯಾಗಬೇಕು ಎಂದು ಅಧಿಕಾರಿಗಳಿಗೆ ಸೂಚಿಸಿದರು. ಜಿಲ್ಲಾಧಿಕಾರಿಗಳು, ಪಾಲಿಕೆ ಆಯುಕ್ತರು, ಹಿರಿಯ ಅಧಿಕಾರಿಗಳು ಹಾಗೂ ಸಂಘಟನೆಗಳ ಪ್ರತಿನಿಧಿಗಳು ಉಪಸ್ಥಿತರಿದ್ದರು. ನಗರ ಸ್ಥಳೀಯ ಸಂಸ್ಥೆಗಳಲ್ಲಿ ಕೆಲಸ ನಿರ್ವಹಿಸುತ್ತಿರುವ ಹೊರಗುತ್ತಿಗೆ ನೌಕರರ ಸಮಸ್ಯೆಗಳನ್ನು ಆಲಿಸಲಾಯಿತು. ಕಾರ್ಮಿಕರ ಮಕ್ಕಳ ಶಿಕ್ಷಣಕ್ಕೆ ವಿದ್ಯಾರ್ಥಿ ವೇತನ ಸೌಲಭ್ಯ ಕಲ್ಪಿಸುವಂತೆ ನಿರ್ದೇಶನ ನೀಡಲಾಯಿತು.
